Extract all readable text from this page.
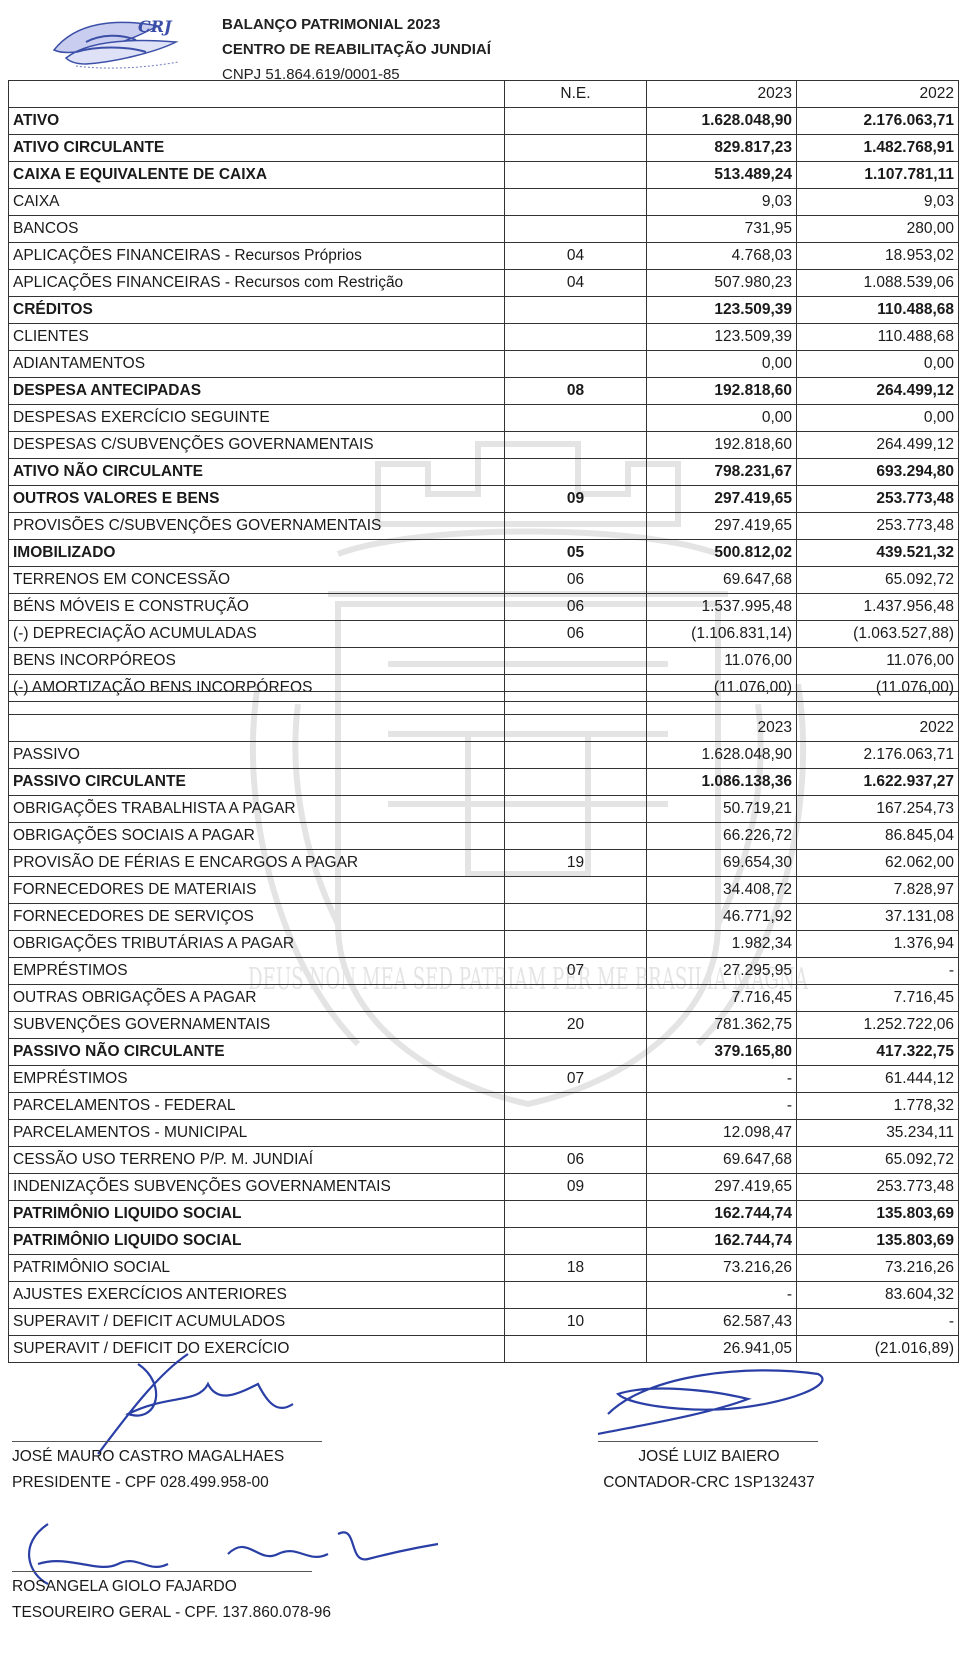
CRJ	BALANÇO PATRIMONIAL 2023
CENTRO DE REABILITAÇÃO JUNDIAÍ
CNPJ 51.864.619/0001-85
DEUS NON MEA SED PATRIAM PER ME BRASILIA MAGNA
	N.E.	2023	2022
ATIVO		1.628.048,90	2.176.063,71
ATIVO CIRCULANTE		829.817,23	1.482.768,91
CAIXA E EQUIVALENTE DE CAIXA		513.489,24	1.107.781,11
CAIXA		9,03	9,03
BANCOS		731,95	280,00
APLICAÇÕES FINANCEIRAS - Recursos Próprios	04	4.768,03	18.953,02
APLICAÇÕES FINANCEIRAS - Recursos com Restrição	04	507.980,23	1.088.539,06
CRÉDITOS		123.509,39	110.488,68
CLIENTES		123.509,39	110.488,68
ADIANTAMENTOS		0,00	0,00
DESPESA ANTECIPADAS	08	192.818,60	264.499,12
DESPESAS EXERCÍCIO SEGUINTE		0,00	0,00
DESPESAS C/SUBVENÇÕES GOVERNAMENTAIS		192.818,60	264.499,12
ATIVO NÃO CIRCULANTE		798.231,67	693.294,80
OUTROS VALORES E BENS	09	297.419,65	253.773,48
PROVISÕES C/SUBVENÇÕES GOVERNAMENTAIS		297.419,65	253.773,48
IMOBILIZADO	05	500.812,02	439.521,32
TERRENOS EM CONCESSÃO	06	69.647,68	65.092,72
BÉNS MÓVEIS E CONSTRUÇÃO	06	1.537.995,48	1.437.956,48
(-) DEPRECIAÇÃO ACUMULADAS	06	(1.106.831,14)	(1.063.527,88)
BENS INCORPÓREOS		11.076,00	11.076,00
(-) AMORTIZAÇÃO BENS INCORPÓREOS		(11.076,00)	(11.076,00)

		2023	2022
PASSIVO		1.628.048,90	2.176.063,71
PASSIVO CIRCULANTE		1.086.138,36	1.622.937,27
OBRIGAÇÕES TRABALHISTA A PAGAR		50.719,21	167.254,73
OBRIGAÇÕES SOCIAIS A PAGAR		66.226,72	86.845,04
PROVISÃO DE FÉRIAS E ENCARGOS A PAGAR	19	69.654,30	62.062,00
FORNECEDORES DE MATERIAIS		34.408,72	7.828,97
FORNECEDORES DE SERVIÇOS		46.771,92	37.131,08
OBRIGAÇÕES TRIBUTÁRIAS A PAGAR		1.982,34	1.376,94
EMPRÉSTIMOS	07	27.295,95	-
OUTRAS OBRIGAÇÕES A PAGAR		7.716,45	7.716,45
SUBVENÇÕES GOVERNAMENTAIS	20	781.362,75	1.252.722,06
PASSIVO NÃO CIRCULANTE		379.165,80	417.322,75
EMPRÉSTIMOS	07	-	61.444,12
PARCELAMENTOS - FEDERAL		-	1.778,32
PARCELAMENTOS - MUNICIPAL		12.098,47	35.234,11
CESSÃO USO TERRENO P/P. M. JUNDIAÍ	06	69.647,68	65.092,72
INDENIZAÇÕES SUBVENÇÕES GOVERNAMENTAIS	09	297.419,65	253.773,48
PATRIMÔNIO LIQUIDO SOCIAL		162.744,74	135.803,69
PATRIMÔNIO LIQUIDO SOCIAL		162.744,74	135.803,69
PATRIMÔNIO SOCIAL	18	73.216,26	73.216,26
AJUSTES EXERCÍCIOS ANTERIORES		-	83.604,32
SUPERAVIT / DEFICIT ACUMULADOS	10	62.587,43	-
SUPERAVIT / DEFICIT DO EXERCÍCIO		26.941,05	(21.016,89)
JOSÉ MAURO CASTRO MAGALHAES
PRESIDENTE - CPF 028.499.958-00
JOSÉ LUIZ BAIERO
CONTADOR-CRC 1SP132437
ROSANGELA GIOLO FAJARDO
TESOUREIRO GERAL - CPF. 137.860.078-96
